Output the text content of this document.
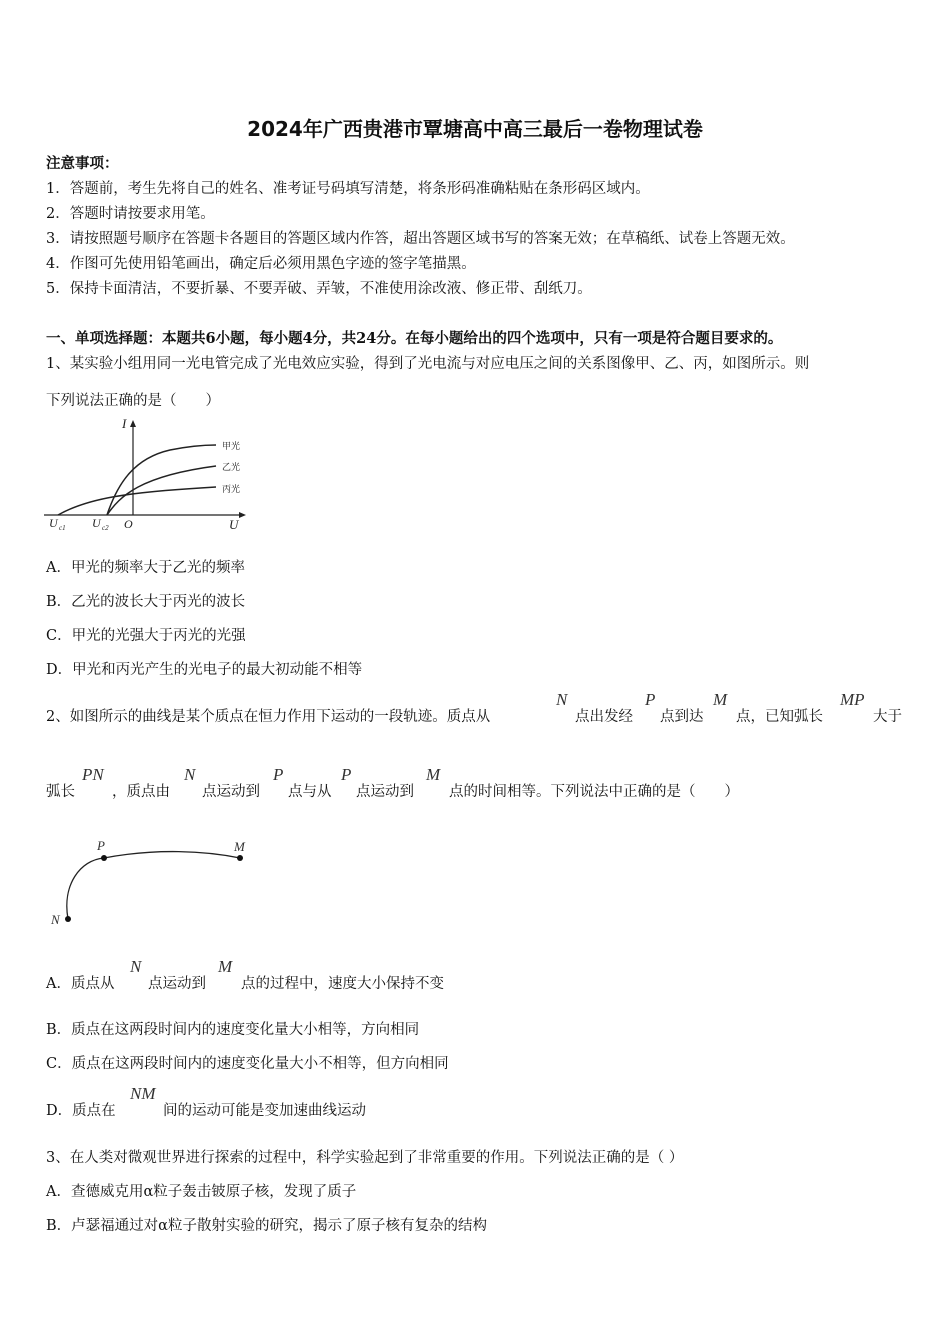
2024年广西贵港市覃塘高中高三最后一卷物理试卷
注意事项：
1．答题前，考生先将自己的姓名、准考证号码填写清楚，将条形码准确粘贴在条形码区域内。
2．答题时请按要求用笔。
3．请按照题号顺序在答题卡各题目的答题区域内作答，超出答题区域书写的答案无效；在草稿纸、试卷上答题无效。
4．作图可先使用铅笔画出，确定后必须用黑色字迹的签字笔描黑。
5．保持卡面清洁，不要折暴、不要弄破、弄皱，不准使用涂改液、修正带、刮纸刀。
一、单项选择题：本题共6小题，每小题4分，共24分。在每小题给出的四个选项中，只有一项是符合题目要求的。
1、某实验小组用同一光电管完成了光电效应实验，得到了光电流与对应电压之间的关系图像甲、乙、丙，如图所示。则
下列说法正确的是（　　）
甲光
乙光
丙光
I
U
O
U c1 U c2
A．甲光的频率大于乙光的频率
B．乙光的波长大于丙光的波长
C．甲光的光强大于丙光的光强
D．甲光和丙光产生的光电子的最大初动能不相等
2、如图所示的曲线是某个质点在恒力作用下运动的一段轨迹。质点从
N
点出发经
P
点到达
M
点，已知弧长
MP
大于
弧长
PN
，质点由
N
点运动到
P
点与从
P
点运动到
M
点的时间相等。下列说法中正确的是（　　）
P	M
N
A．质点从
N
点运动到
M
点的过程中，速度大小保持不变
B．质点在这两段时间内的速度变化量大小相等，方向相同
C．质点在这两段时间内的速度变化量大小不相等，但方向相同
D．质点在
NM
间的运动可能是变加速曲线运动
3、在人类对微观世界进行探索的过程中，科学实验起到了非常重要的作用。下列说法正确的是（ ）
A．查德威克用α粒子轰击铍原子核，发现了质子
B．卢瑟福通过对α粒子散射实验的研究，揭示了原子核有复杂的结构
